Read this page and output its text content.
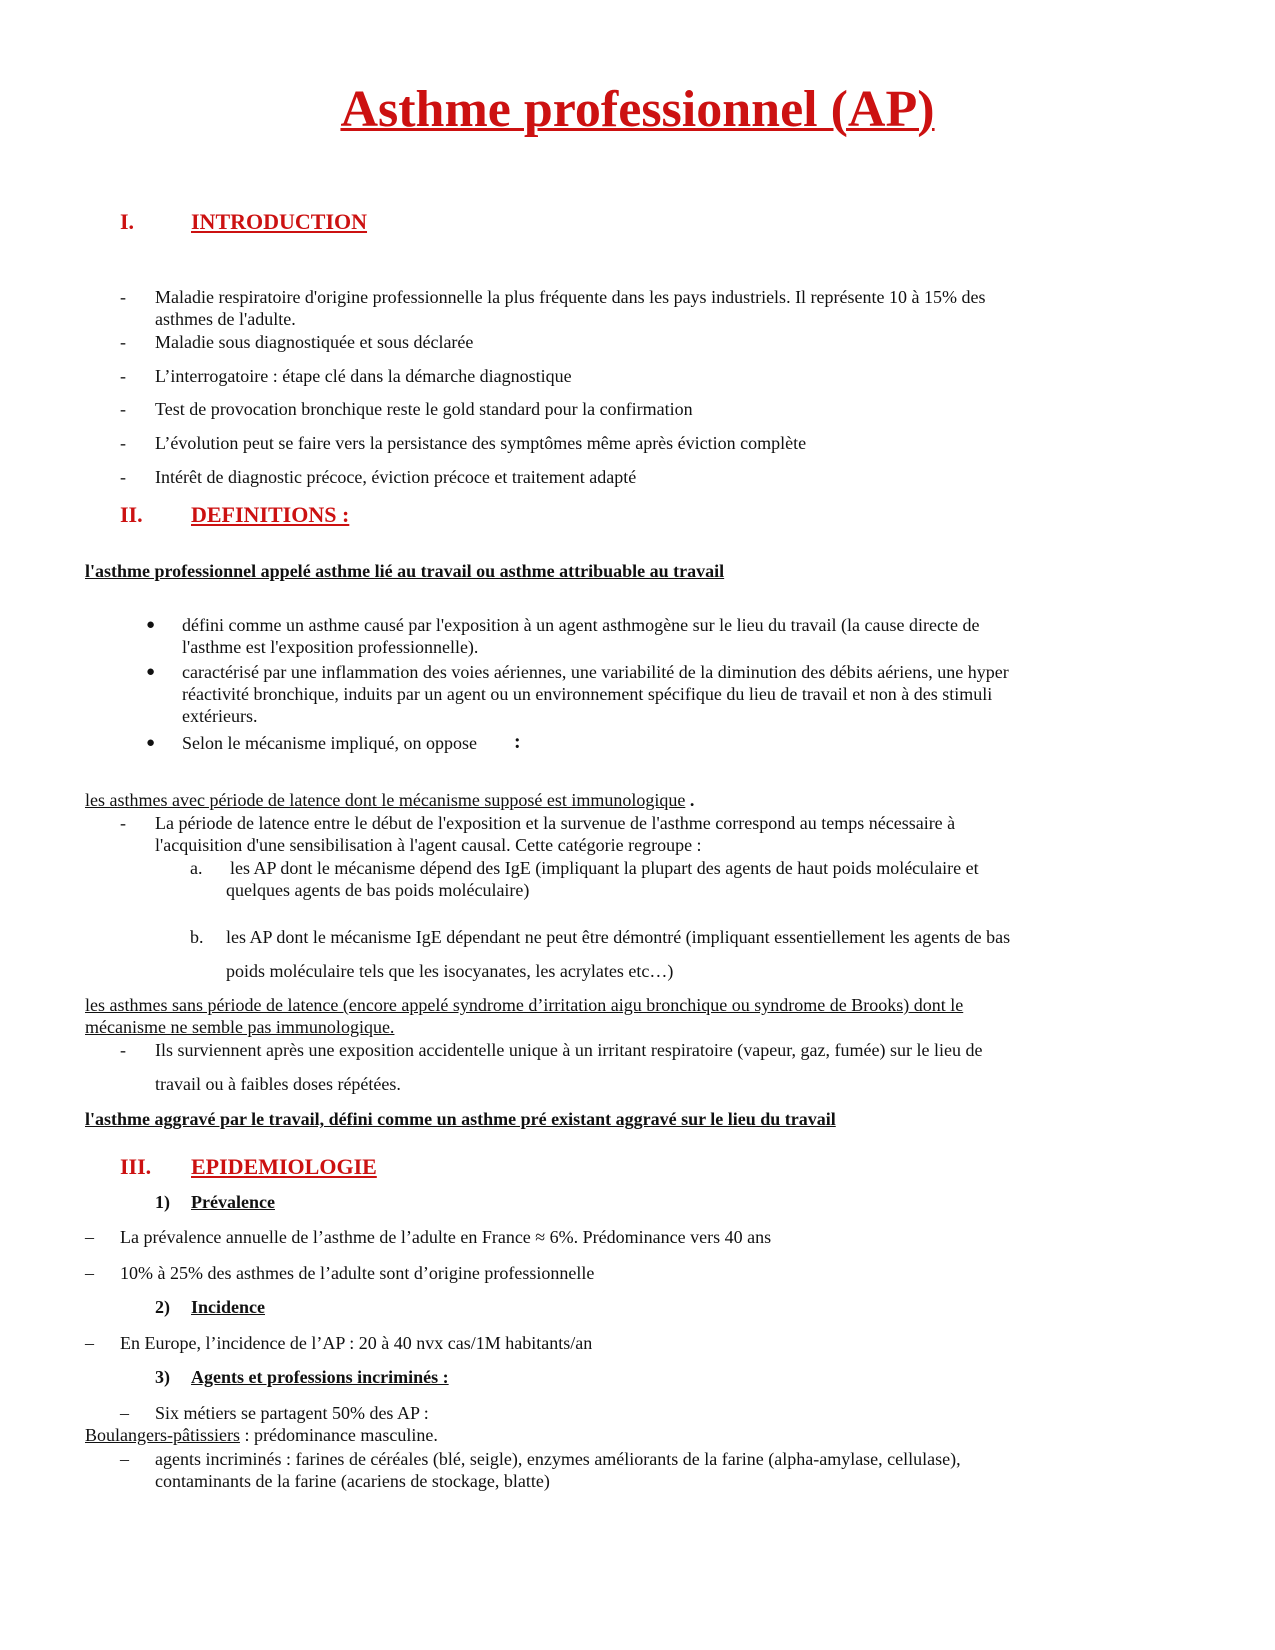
Asthme professionnel (AP)
I.	INTRODUCTION
- Maladie respiratoire d'origine professionnelle la plus fréquente dans les pays industriels. Il représente 10 à 15% des
asthmes de l'adulte.
- Maladie sous diagnostiquée et sous déclarée
- L’interrogatoire : étape clé dans la démarche diagnostique
- Test de provocation bronchique reste le gold standard pour la confirmation
- L’évolution peut se faire vers la persistance des symptômes même après éviction complète
- Intérêt de diagnostic précoce, éviction précoce et traitement adapté
II. DEFINITIONS :
l'asthme professionnel appelé asthme lié au travail ou asthme attribuable au travail
● défini comme un asthme causé par l'exposition à un agent asthmogène sur le lieu du travail (la cause directe de
l'asthme est l'exposition professionnelle).
● caractérisé par une inflammation des voies aériennes, une variabilité de la diminution des débits aériens, une hyper
réactivité bronchique, induits par un agent ou un environnement spécifique du lieu de travail et non à des stimuli
extérieurs.
● Selon le mécanisme impliqué, on oppose :
les asthmes avec période de latence dont le mécanisme supposé est immunologique .
- La période de latence entre le début de l'exposition et la survenue de l'asthme correspond au temps nécessaire à
l'acquisition d'une sensibilisation à l'agent causal. Cette catégorie regroupe :
a. les AP dont le mécanisme dépend des IgE (impliquant la plupart des agents de haut poids moléculaire et
quelques agents de bas poids moléculaire)
b. les AP dont le mécanisme IgE dépendant ne peut être démontré (impliquant essentiellement les agents de bas
poids moléculaire tels que les isocyanates, les acrylates etc…)
les asthmes sans période de latence (encore appelé syndrome d’irritation aigu bronchique ou syndrome de Brooks) dont le
mécanisme ne semble pas immunologique.
- Ils surviennent après une exposition accidentelle unique à un irritant respiratoire (vapeur, gaz, fumée) sur le lieu de
travail ou à faibles doses répétées.
l'asthme aggravé par le travail, défini comme un asthme pré existant aggravé sur le lieu du travail
III. EPIDEMIOLOGIE
1) Prévalence
– La prévalence annuelle de l’asthme de l’adulte en France ≈ 6%. Prédominance vers 40 ans
– 10% à 25% des asthmes de l’adulte sont d’origine professionnelle
2) Incidence
– En Europe, l’incidence de l’AP : 20 à 40 nvx cas/1M habitants/an
3) Agents et professions incriminés :
– Six métiers se partagent 50% des AP :
Boulangers-pâtissiers : prédominance masculine.
– agents incriminés : farines de céréales (blé, seigle), enzymes améliorants de la farine (alpha-amylase, cellulase),
contaminants de la farine (acariens de stockage, blatte)
